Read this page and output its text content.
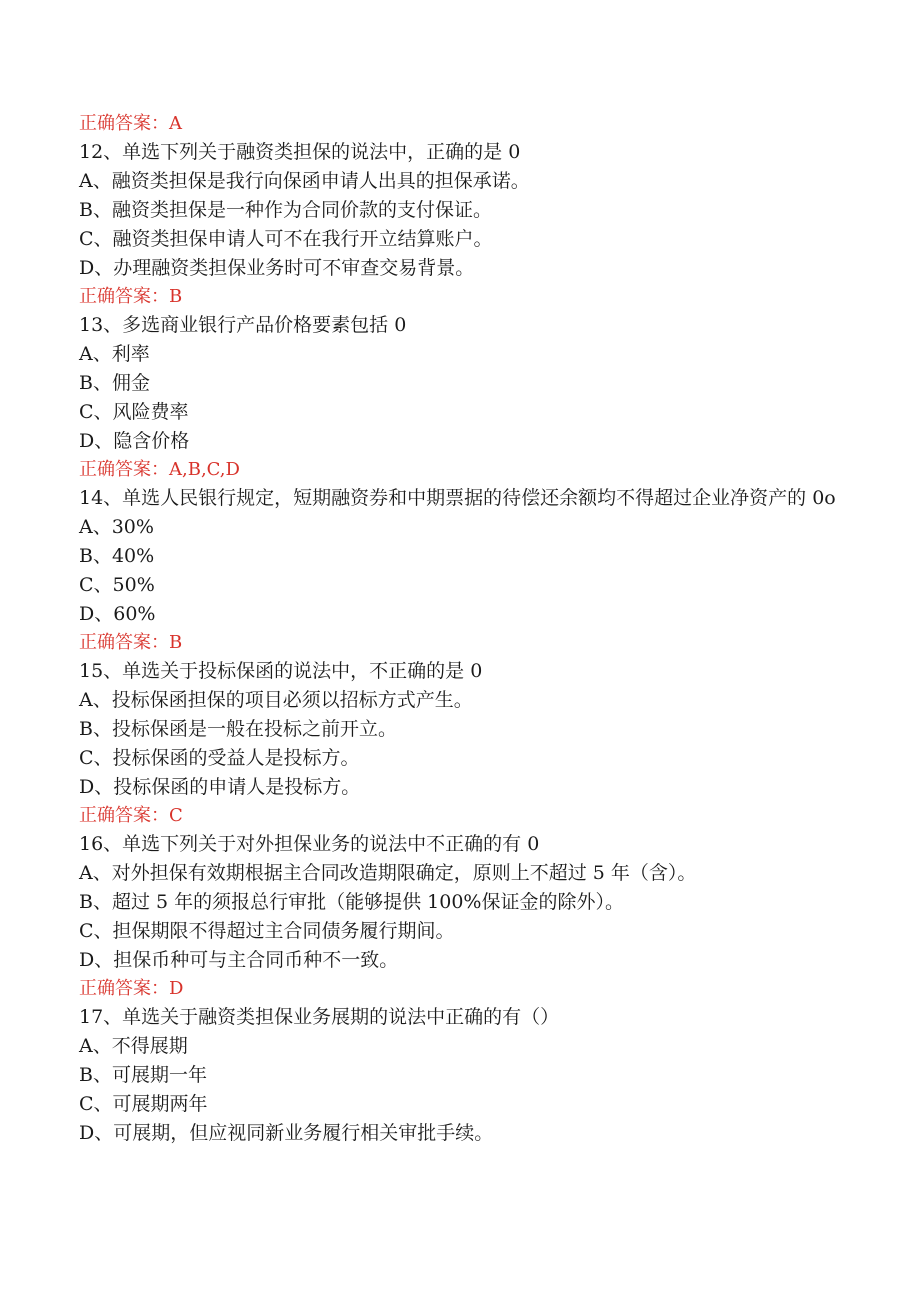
正确答案：A
12、单选下列关于融资类担保的说法中，正确的是 0
A、融资类担保是我行向保函申请人出具的担保承诺。
B、融资类担保是一种作为合同价款的支付保证。
C、融资类担保申请人可不在我行开立结算账户。
D、办理融资类担保业务时可不审查交易背景。
正确答案：B
13、多选商业银行产品价格要素包括 0
A、利率
B、佣金
C、风险费率
D、隐含价格
正确答案：A,B,C,D
14、单选人民银行规定，短期融资券和中期票据的待偿还余额均不得超过企业净资产的 0o
A、30%
B、40%
C、50%
D、60%
正确答案：B
15、单选关于投标保函的说法中，不正确的是 0
A、投标保函担保的项目必须以招标方式产生。
B、投标保函是一般在投标之前开立。
C、投标保函的受益人是投标方。
D、投标保函的申请人是投标方。
正确答案：C
16、单选下列关于对外担保业务的说法中不正确的有 0
A、对外担保有效期根据主合同改造期限确定，原则上不超过 5 年（含）。
B、超过 5 年的须报总行审批（能够提供 100%保证金的除外）。
C、担保期限不得超过主合同债务履行期间。
D、担保币种可与主合同币种不一致。
正确答案：D
17、单选关于融资类担保业务展期的说法中正确的有（）
A、不得展期
B、可展期一年
C、可展期两年
D、可展期，但应视同新业务履行相关审批手续。
